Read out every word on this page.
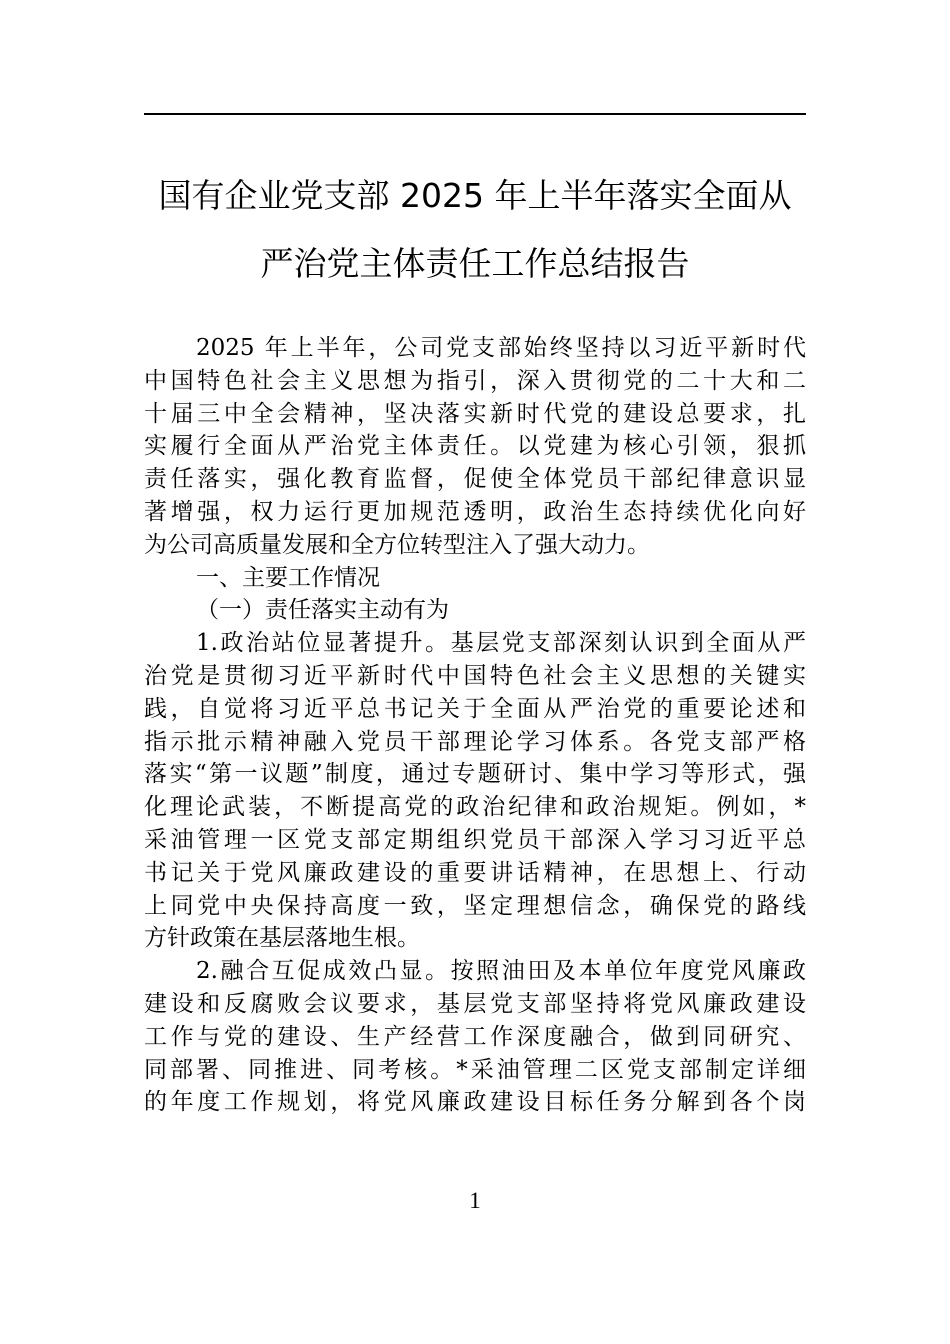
国有企业党支部 2025 年上半年落实全面从
严治党主体责任工作总结报告
2025 年上半年，公司党支部始终坚持以习近平新时代
中国特色社会主义思想为指引，深入贯彻党的二十大和二
十届三中全会精神，坚决落实新时代党的建设总要求，扎
实履行全面从严治党主体责任。以党建为核心引领，狠抓
责任落实，强化教育监督，促使全体党员干部纪律意识显
著增强，权力运行更加规范透明，政治生态持续优化向好
为公司高质量发展和全方位转型注入了强大动力。
一、主要工作情况
（一）责任落实主动有为
1.政治站位显著提升。基层党支部深刻认识到全面从严
治党是贯彻习近平新时代中国特色社会主义思想的关键实
践，自觉将习近平总书记关于全面从严治党的重要论述和
指示批示精神融入党员干部理论学习体系。各党支部严格
落实“第一议题”制度，通过专题研讨、集中学习等形式，强
化理论武装，不断提高党的政治纪律和政治规矩。例如，*
采油管理一区党支部定期组织党员干部深入学习习近平总
书记关于党风廉政建设的重要讲话精神，在思想上、行动
上同党中央保持高度一致，坚定理想信念，确保党的路线
方针政策在基层落地生根。
2.融合互促成效凸显。按照油田及本单位年度党风廉政
建设和反腐败会议要求，基层党支部坚持将党风廉政建设
工作与党的建设、生产经营工作深度融合，做到同研究、
同部署、同推进、同考核。*采油管理二区党支部制定详细
的年度工作规划，将党风廉政建设目标任务分解到各个岗
1
